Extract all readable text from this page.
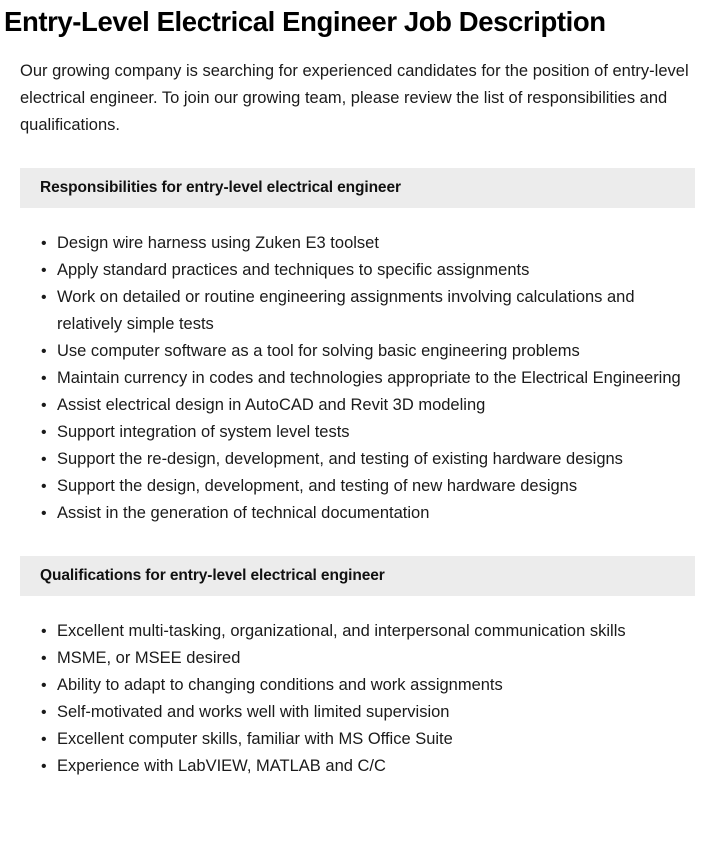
Entry-Level Electrical Engineer Job Description

Our growing company is searching for experienced candidates for the position of entry-level electrical engineer. To join our growing team, please review the list of responsibilities and qualifications.

Responsibilities for entry-level electrical engineer
• Design wire harness using Zuken E3 toolset
• Apply standard practices and techniques to specific assignments
• Work on detailed or routine engineering assignments involving calculations and relatively simple tests
• Use computer software as a tool for solving basic engineering problems
• Maintain currency in codes and technologies appropriate to the Electrical Engineering
• Assist electrical design in AutoCAD and Revit 3D modeling
• Support integration of system level tests
• Support the re-design, development, and testing of existing hardware designs
• Support the design, development, and testing of new hardware designs
• Assist in the generation of technical documentation
Qualifications for entry-level electrical engineer
• Excellent multi-tasking, organizational, and interpersonal communication skills
• MSME, or MSEE desired
• Ability to adapt to changing conditions and work assignments
• Self-motivated and works well with limited supervision
• Excellent computer skills, familiar with MS Office Suite
• Experience with LabVIEW, MATLAB and C/C
